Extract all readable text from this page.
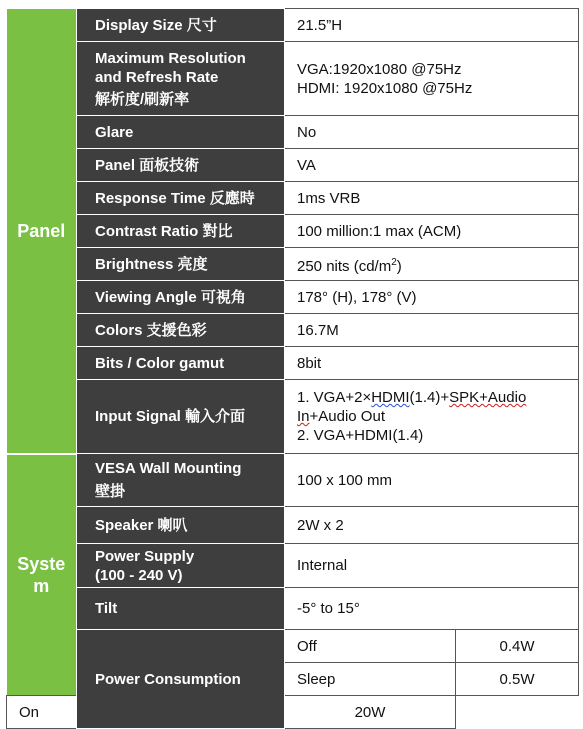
Panel	Display Size 尺寸	21.5”H	

	Maximum Resolution
and Refresh Rate
解析度/刷新率	VGA:1920x1080 @75Hz
HDMI: 1920x1080 @75Hz	

	Glare	No	
	Panel 面板技術	VA	
	Response Time 反應時	1ms VRB	
	Contrast Ratio 對比	100 million:1 max (ACM)	
	Brightness 亮度	250 nits $(cd/m^2)$	
	Viewing Angle 可視角	178° (H), 178° (V)	
	Colors 支援色彩	16.7M	
	Bits / Color gamut	8bit	
	Input Signal 輸入介面	1. VGA+2×HDMI(1.4)+SPK+Audio
In+Audio Out
2. VGA+HDMI(1.4)	

Syste
m	VESA Wall Mounting
壁掛	100 x 100 mm	
	Speaker 喇叭	2W x 2	

	Power Supply
(100 - 240 V)	Internal	
	Tilt	-5° to 15°	
	Power Consumption	Off	0.4W
		Sleep	0.5W
On		20W	
